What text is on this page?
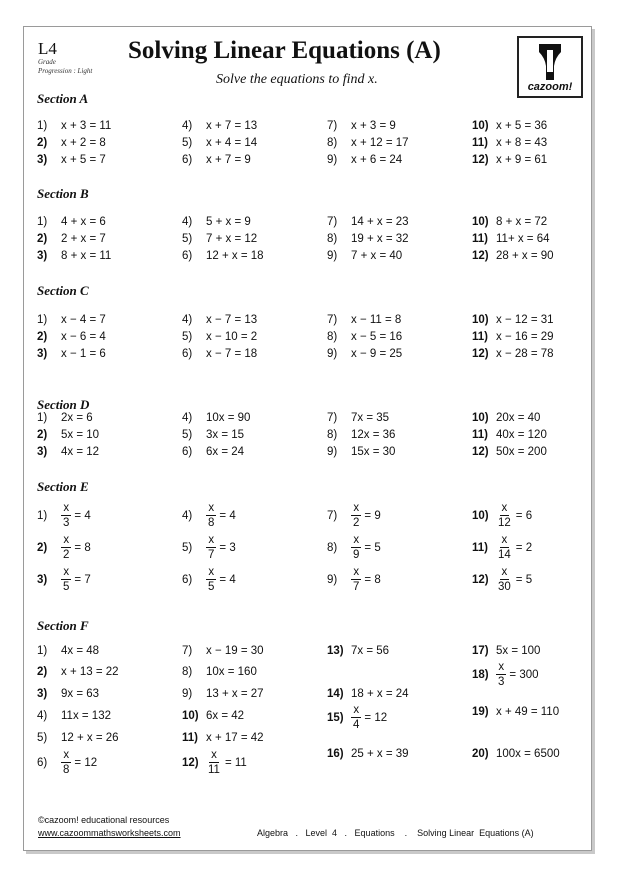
L4
Grade
Progression : Light
Solving Linear Equations (A)
Solve the equations to find x.	cazoom!
Section A
1)	x + 3 = 11
2)	x + 2 = 8
3)	x + 5 = 7
4)	x + 7 = 13
5)	x + 4 = 14
6)	x + 7 = 9
7)	x + 3 = 9
8)	x + 12 = 17
9)	x + 6 = 24
10) x + 5 = 36
11) x + 8 = 43
12) x + 9 = 61
Section B
1)	4 + x = 6
2)	2 + x = 7
3)	8 + x = 11
4)	5 + x = 9
5)	7 + x = 12
6)	12 + x = 18
7)	14 + x = 23
8)	19 + x = 32
9)	7 + x = 40
10) 8 + x = 72
11) 11+ x = 64
12) 28 + x = 90
Section C
1)	x − 4 = 7
2)	x − 6 = 4
3)	x − 1 = 6
4)	x − 7 = 13
5)	x − 10 = 2
6)	x − 7 = 18
7)	x − 11 = 8
8)	x − 5 = 16
9)	x − 9 = 25
10) x − 12 = 31
11) x − 16 = 29
12) x − 28 = 78
Section D
1)	2x = 6
2)	5x = 10
3)	4x = 12
4)	10x = 90
5)	3x = 15
6)	6x = 24
7)	7x = 35
8)	12x = 36
9)	15x = 30
10) 20x = 40
11) 40x = 120
12) 50x = 200
Section E
1)	$\frac{x}{3} = 4$
2)	$\frac{x}{2} = 8$
3)	$\frac{x}{5} = 7$
4)	$\frac{x}{8} = 4$
5)	$\frac{x}{7} = 3$
6)	$\frac{x}{5} = 4$
7)	$\frac{x}{2} = 9$
8)	$\frac{x}{9} = 5$
9)	$\frac{x}{7} = 8$
$10) \frac{x}{12} = 6$
$11) \frac{x}{14} = 2$
$12) \frac{x}{30} = 5$
Section F
1)	4x = 48
2)	x + 13 = 22
3)	9x = 63
4)	11x = 132
5)	12 + x = 26
6)	$\frac{x}{8} = 12$
7)	x − 19 = 30
8)	10x = 160
9)	13 + x = 27
10) 6x = 42
11) x + 17 = 42
$12) \frac{x}{11} = 11$
13) 7x = 56
14) 18 + x = 24
$15) \frac{x}{4} = 12$
16) 25 + x = 39
17) 5x = 100
$18) \frac{x}{3} = 300$
19) x + 49 = 110
20) 100x = 6500
©cazoom! educational resources
www.cazoommathsworksheets.com	Algebra   .   Level  4   .   Equations    .    Solving Linear  Equations (A)
